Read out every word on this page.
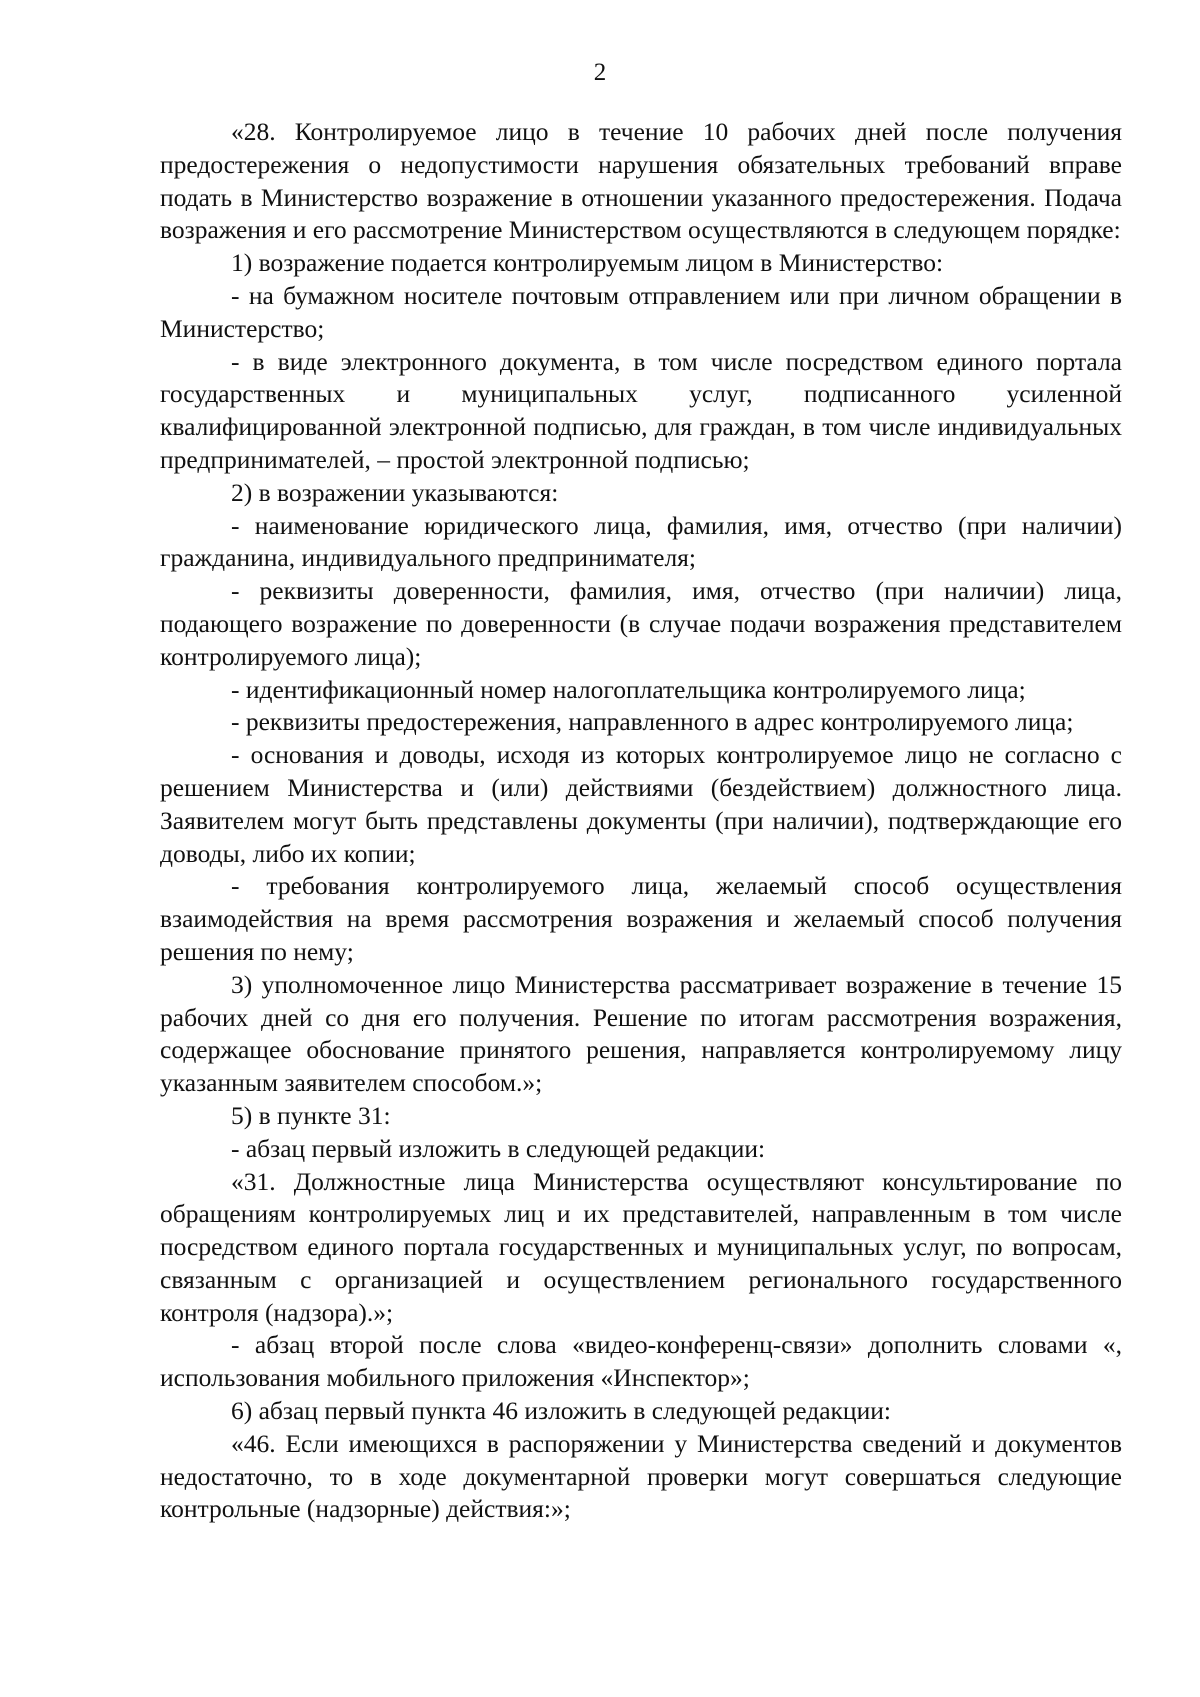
2

«28. Контролируемое лицо в течение 10 рабочих дней после получения предостережения о недопустимости нарушения обязательных требований вправе подать в Министерство возражение в отношении указанного предостережения. Подача возражения и его рассмотрение Министерством осуществляются в следующем порядке:

1) возражение подается контролируемым лицом в Министерство:

- на бумажном носителе почтовым отправлением или при личном обращении в Министерство;

- в виде электронного документа, в том числе посредством единого портала государственных и муниципальных услуг, подписанного усиленной квалифицированной электронной подписью, для граждан, в том числе индивидуальных предпринимателей, – простой электронной подписью;

2) в возражении указываются:

- наименование юридического лица, фамилия, имя, отчество (при наличии) гражданина, индивидуального предпринимателя;

- реквизиты доверенности, фамилия, имя, отчество (при наличии) лица, подающего возражение по доверенности (в случае подачи возражения представителем контролируемого лица);

- идентификационный номер налогоплательщика контролируемого лица;

- реквизиты предостережения, направленного в адрес контролируемого лица;

- основания и доводы, исходя из которых контролируемое лицо не согласно с решением Министерства и (или) действиями (бездействием) должностного лица. Заявителем могут быть представлены документы (при наличии), подтверждающие его доводы, либо их копии;

- требования контролируемого лица, желаемый способ осуществления взаимодействия на время рассмотрения возражения и желаемый способ получения решения по нему;

3) уполномоченное лицо Министерства рассматривает возражение в течение 15 рабочих дней со дня его получения. Решение по итогам рассмотрения возражения, содержащее обоснование принятого решения, направляется контролируемому лицу указанным заявителем способом.»;

5) в пункте 31:

- абзац первый изложить в следующей редакции:

«31. Должностные лица Министерства осуществляют консультирование по обращениям контролируемых лиц и их представителей, направленным в том числе посредством единого портала государственных и муниципальных услуг, по вопросам, связанным с организацией и осуществлением регионального государственного контроля (надзора).»;

- абзац второй после слова «видео-конференц-связи» дополнить словами «, использования мобильного приложения «Инспектор»;

6) абзац первый пункта 46 изложить в следующей редакции:

«46. Если имеющихся в распоряжении у Министерства сведений и документов недостаточно, то в ходе документарной проверки могут совершаться следующие контрольные (надзорные) действия:»;
